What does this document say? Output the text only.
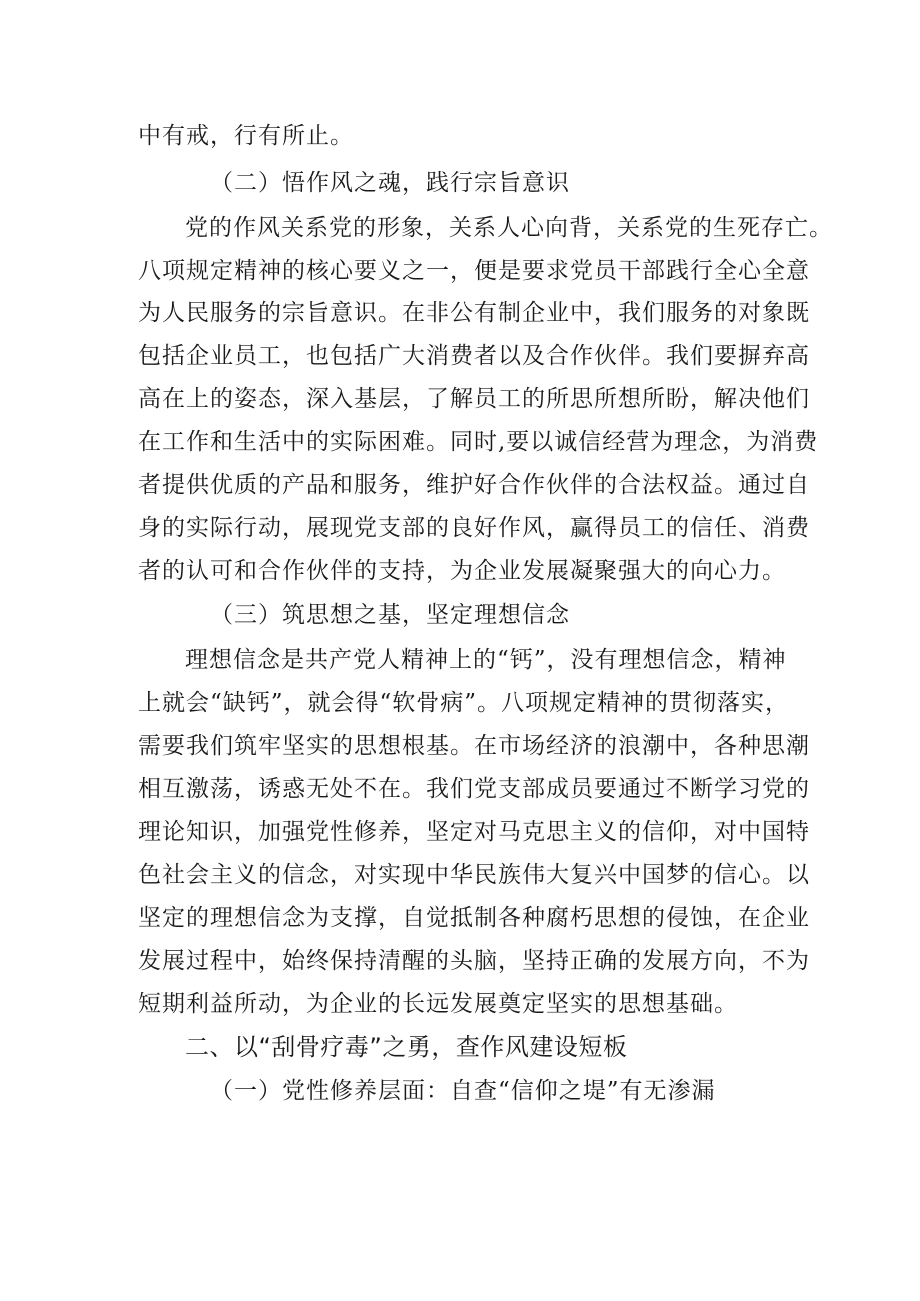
中有戒，行有所止。
（二）悟作风之魂，践行宗旨意识
党的作风关系党的形象，关系人心向背，关系党的生死存亡。
八项规定精神的核心要义之一，便是要求党员干部践行全心全意
为人民服务的宗旨意识。在非公有制企业中，我们服务的对象既
包括企业员工，也包括广大消费者以及合作伙伴。我们要摒弃高
高在上的姿态，深入基层，了解员工的所思所想所盼，解决他们
在工作和生活中的实际困难。同时,要以诚信经营为理念，为消费
者提供优质的产品和服务，维护好合作伙伴的合法权益。通过自
身的实际行动，展现党支部的良好作风，赢得员工的信任、消费
者的认可和合作伙伴的支持，为企业发展凝聚强大的向心力。
（三）筑思想之基，坚定理想信念
理想信念是共产党人精神上的“钙”，没有理想信念，精神
上就会“缺钙”，就会得“软骨病”。八项规定精神的贯彻落实，
需要我们筑牢坚实的思想根基。在市场经济的浪潮中，各种思潮
相互激荡，诱惑无处不在。我们党支部成员要通过不断学习党的
理论知识，加强党性修养，坚定对马克思主义的信仰，对中国特
色社会主义的信念，对实现中华民族伟大复兴中国梦的信心。以
坚定的理想信念为支撑，自觉抵制各种腐朽思想的侵蚀，在企业
发展过程中，始终保持清醒的头脑，坚持正确的发展方向，不为
短期利益所动，为企业的长远发展奠定坚实的思想基础。
二、以“刮骨疗毒”之勇，查作风建设短板
（一）党性修养层面：自查“信仰之堤”有无渗漏
